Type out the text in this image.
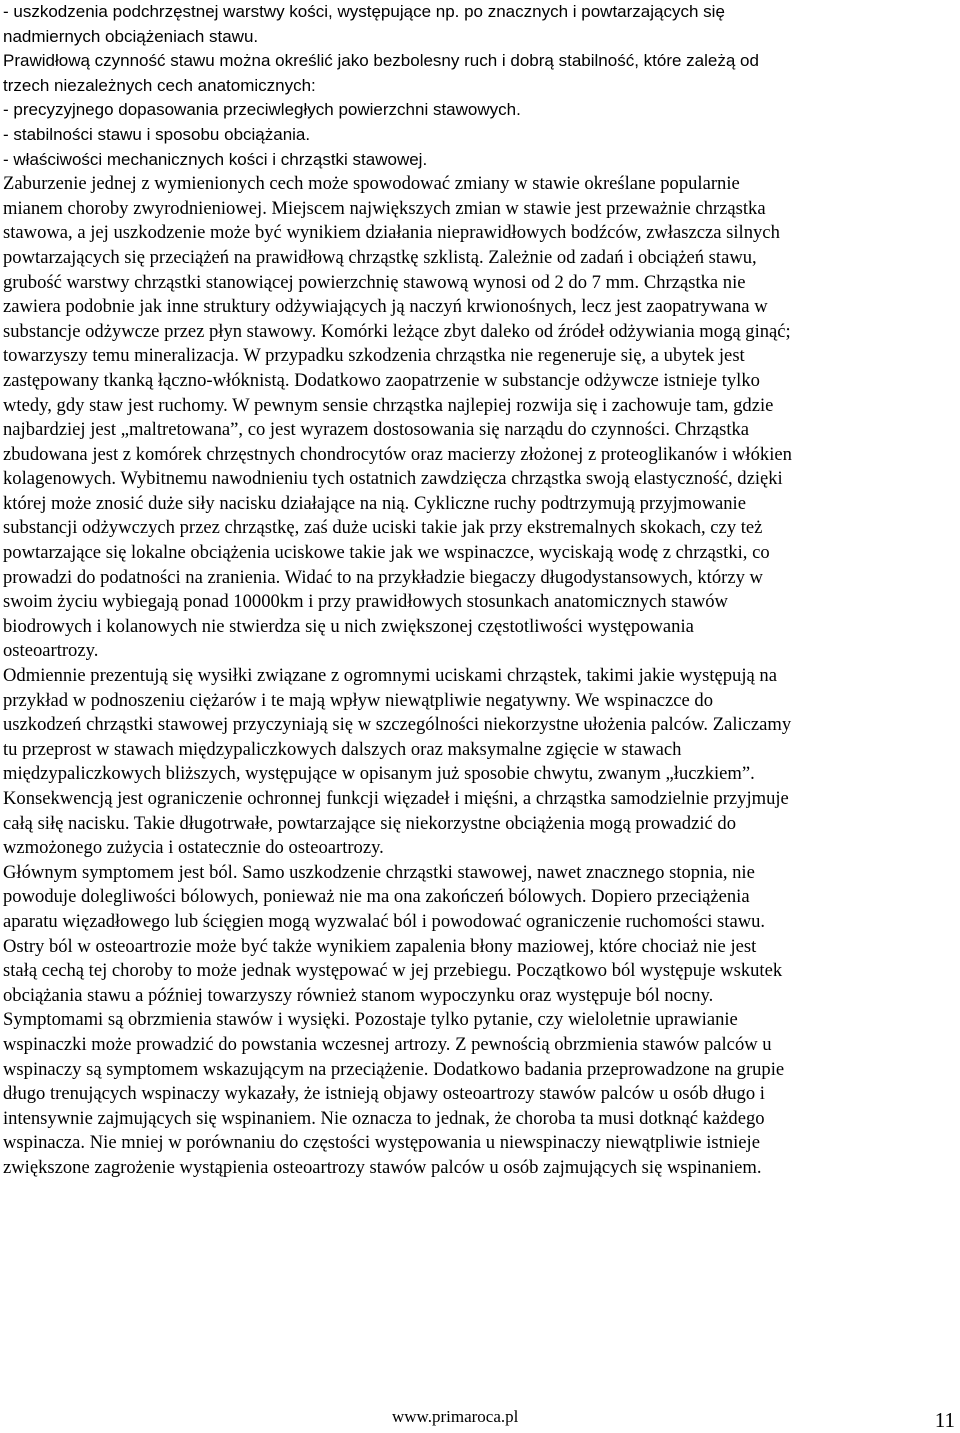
- uszkodzenia podchrzęstnej warstwy kości, występujące np. po znacznych i powtarzających się
nadmiernych obciążeniach stawu.
Prawidłową czynność stawu można określić jako bezbolesny ruch i dobrą stabilność, które zależą od
trzech niezależnych cech anatomicznych:
- precyzyjnego dopasowania przeciwległych powierzchni stawowych.
- stabilności stawu i sposobu obciążania.
- właściwości mechanicznych kości i chrząstki stawowej.
Zaburzenie jednej z wymienionych cech może spowodować zmiany w stawie określane popularnie
mianem choroby zwyrodnieniowej. Miejscem największych zmian w stawie jest przeważnie chrząstka
stawowa, a jej uszkodzenie może być wynikiem działania nieprawidłowych bodźców, zwłaszcza silnych
powtarzających się przeciążeń na prawidłową chrząstkę szklistą. Zależnie od zadań i obciążeń stawu,
grubość warstwy chrząstki stanowiącej powierzchnię stawową wynosi od 2 do 7 mm. Chrząstka nie
zawiera podobnie jak inne struktury odżywiających ją naczyń krwionośnych, lecz jest zaopatrywana w
substancje odżywcze przez płyn stawowy. Komórki leżące zbyt daleko od źródeł odżywiania mogą ginąć;
towarzyszy temu mineralizacja. W przypadku szkodzenia chrząstka nie regeneruje się, a ubytek jest
zastępowany tkanką łączno-włóknistą. Dodatkowo zaopatrzenie w substancje odżywcze istnieje tylko
wtedy, gdy staw jest ruchomy. W pewnym sensie chrząstka najlepiej rozwija się i zachowuje tam, gdzie
najbardziej jest „maltretowana”, co jest wyrazem dostosowania się narządu do czynności. Chrząstka
zbudowana jest z komórek chrzęstnych chondrocytów oraz macierzy złożonej z proteoglikanów i włókien
kolagenowych. Wybitnemu nawodnieniu tych ostatnich zawdzięcza chrząstka swoją elastyczność, dzięki
której może znosić duże siły nacisku działające na nią. Cykliczne ruchy podtrzymują przyjmowanie
substancji odżywczych przez chrząstkę, zaś duże uciski takie jak przy ekstremalnych skokach, czy też
powtarzające się lokalne obciążenia uciskowe takie jak we wspinaczce, wyciskają wodę z chrząstki, co
prowadzi do podatności na zranienia. Widać to na przykładzie biegaczy długodystansowych, którzy w
swoim życiu wybiegają ponad 10000km i przy prawidłowych stosunkach anatomicznych stawów
biodrowych i kolanowych nie stwierdza się u nich zwiększonej częstotliwości występowania
osteoartrozy.
Odmiennie prezentują się wysiłki związane z ogromnymi uciskami chrząstek, takimi jakie występują na
przykład w podnoszeniu ciężarów i te mają wpływ niewątpliwie negatywny. We wspinaczce do
uszkodzeń chrząstki stawowej przyczyniają się w szczególności niekorzystne ułożenia palców. Zaliczamy
tu przeprost w stawach międzypaliczkowych dalszych oraz maksymalne zgięcie w stawach
międzypaliczkowych bliższych, występujące w opisanym już sposobie chwytu, zwanym „łuczkiem”.
Konsekwencją jest ograniczenie ochronnej funkcji więzadeł i mięśni, a chrząstka samodzielnie przyjmuje
całą siłę nacisku. Takie długotrwałe, powtarzające się niekorzystne obciążenia mogą prowadzić do
wzmożonego zużycia i ostatecznie do osteoartrozy.
Głównym symptomem jest ból. Samo uszkodzenie chrząstki stawowej, nawet znacznego stopnia, nie
powoduje dolegliwości bólowych, ponieważ nie ma ona zakończeń bólowych. Dopiero przeciążenia
aparatu więzadłowego lub ścięgien mogą wyzwalać ból i powodować ograniczenie ruchomości stawu.
Ostry ból w osteoartrozie może być także wynikiem zapalenia błony maziowej, które chociaż nie jest
stałą cechą tej choroby to może jednak występować w jej przebiegu. Początkowo ból występuje wskutek
obciążania stawu a później towarzyszy również stanom wypoczynku oraz występuje ból nocny.
Symptomami są obrzmienia stawów i wysięki. Pozostaje tylko pytanie, czy wieloletnie uprawianie
wspinaczki może prowadzić do powstania wczesnej artrozy. Z pewnością obrzmienia stawów palców u
wspinaczy są symptomem wskazującym na przeciążenie. Dodatkowo badania przeprowadzone na grupie
długo trenujących wspinaczy wykazały, że istnieją objawy osteoartrozy stawów palców u osób długo i
intensywnie zajmujących się wspinaniem. Nie oznacza to jednak, że choroba ta musi dotknąć każdego
wspinacza. Nie mniej w porównaniu do częstości występowania u niewspinaczy niewątpliwie istnieje
zwiększone zagrożenie wystąpienia osteoartrozy stawów palców u osób zajmujących się wspinaniem.
www.primaroca.pl	11
